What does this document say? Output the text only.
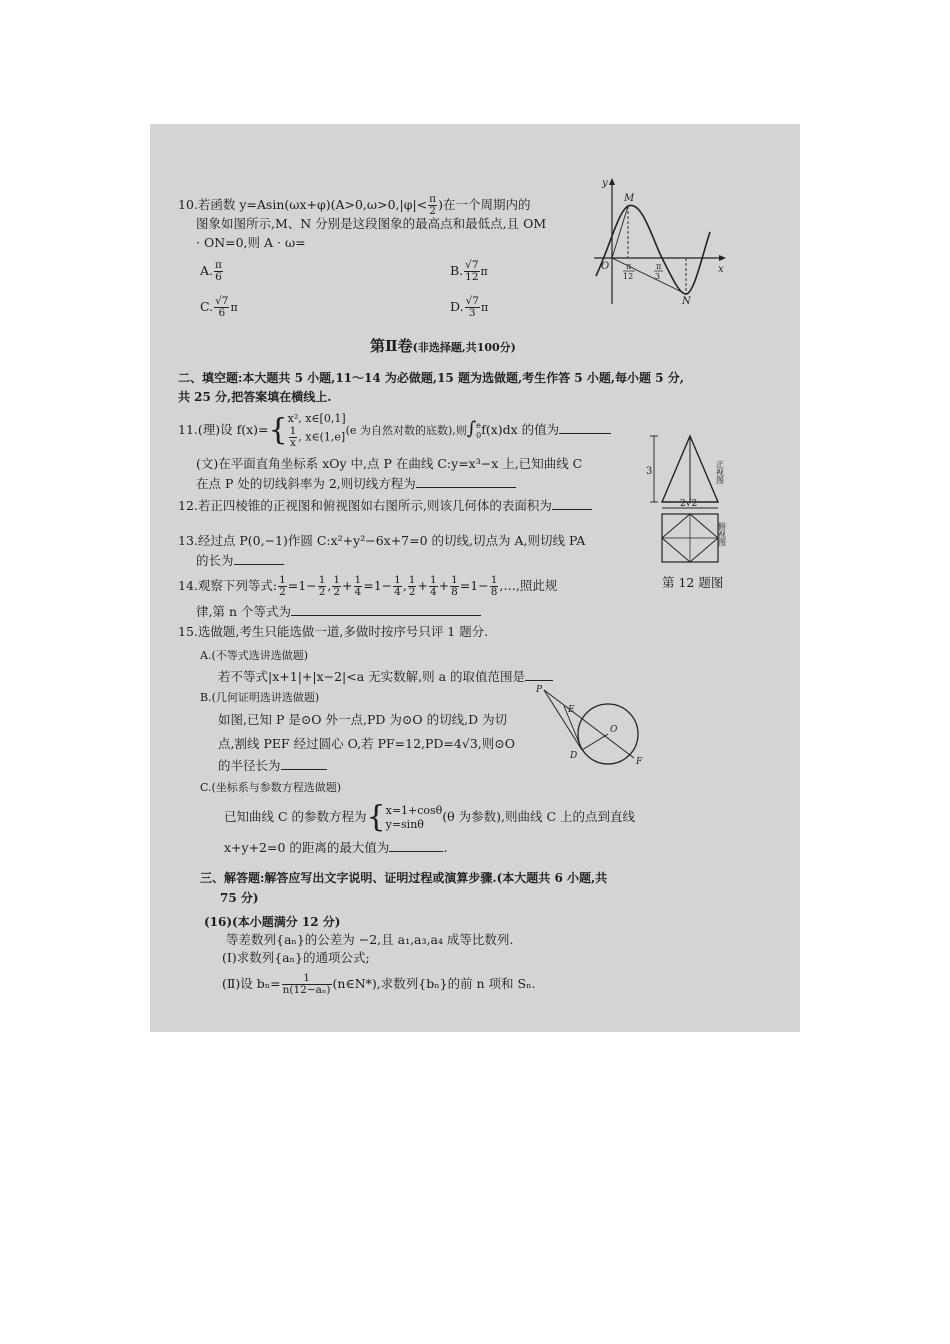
10.若函数 $y=Asin(\omega x+\varphi)(A>0,\omega>0,|\varphi|< \frac{\pi}{2}$ )在一个周期内的
图象如图所示,M、N 分别是这段图象的最高点和最低点,且 OM
· ON=0,则 A · ω=
A. $\frac{\pi}{6}$	B. $\frac{√7}{12}$ π
C. $\frac{√7}{6}$ π	D. $\frac{√7}{3}$ π
y
x
O
M
N
π
12
π
3
第Ⅱ卷(非选择题,共100分)
二、填空题:本大题共 5 小题,11～14 为必做题,15 题为选做题,考生作答 5 小题,每小题 5 分,
共 25 分,把答案填在横线上.
11.(理)设 f(x)={ x², x∈[0,1]
$\frac{1}{x}$ , x∈(1,e] (e 为自然对数的底数),则∫ e
0 f(x)dx 的值为
(文)在平面直角坐标系 xOy 中,点 P 在曲线 C:y=x³−x 上,已知曲线 C
在点 P 处的切线斜率为 2,则切线方程为
12.若正四棱锥的正视图和俯视图如右图所示,则该几何体的表面积为
3	正视图
2√2
俯视图
第 12 题图
13.经过点 P(0,−1)作圆 C:x²+y²−6x+7=0 的切线,切点为 A,则切线 PA
的长为
14.观察下列等式: $\frac{1}{2} =1- \frac{1}{2}$ , $\frac{1}{2} + \frac{1}{4} =1- \frac{1}{4}$ , $\frac{1}{2} + \frac{1}{4} + \frac{1}{8} =1- \frac{1}{8}$ ,…,照此规
律,第 n 个等式为
15.选做题,考生只能选做一道,多做时按序号只评 1 题分.
A.(不等式选讲选做题)
若不等式|x+1|+|x−2|<a 无实数解,则 a 的取值范围是
B.(几何证明选讲选做题)
如图,已知 P 是⊙O 外一点,PD 为⊙O 的切线,D 为切
点,割线 PEF 经过圆心 O,若 PF=12,PD=4√3,则⊙O
的半径长为
P
E
O
D
F
C.(坐标系与参数方程选做题)
已知曲线 C 的参数方程为{ x=1+cosθ
y=sinθ	(θ 为参数),则曲线 C 上的点到直线
x+y+2=0 的距离的最大值为	.
三、解答题:解答应写出文字说明、证明过程或演算步骤.(本大题共 6 小题,共
75 分)
(16)(本小题满分 12 分)
等差数列{aₙ}的公差为 −2,且 a₁,a₃,a₄ 成等比数列.
(Ⅰ)求数列{aₙ}的通项公式;
(Ⅱ)设 $b_n= \frac{1}{\text{n(12−aₙ)}}$ (n∈N*),求数列{bₙ}的前 n 项和 Sₙ.
